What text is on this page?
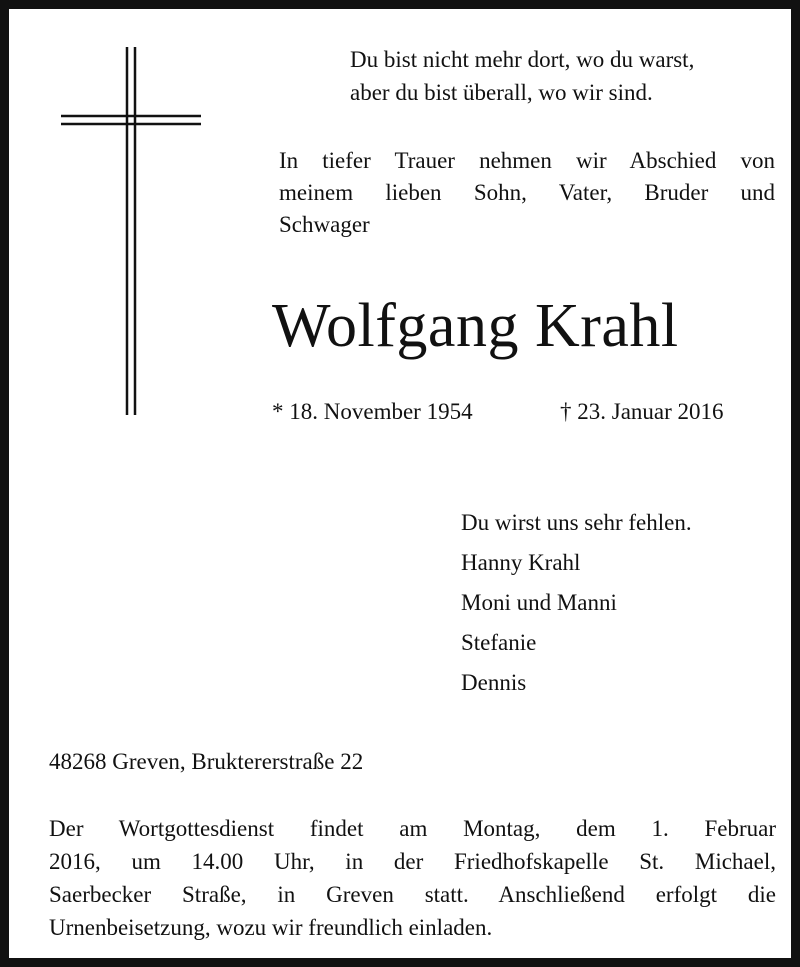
Du bist nicht mehr dort, wo du warst,
aber du bist überall, wo wir sind.
In tiefer Trauer nehmen wir Abschied von
meinem lieben Sohn, Vater, Bruder und
Schwager
Wolfgang Krahl
* 18. November 1954	† 23. Januar 2016
Du wirst uns sehr fehlen.
Hanny Krahl
Moni und Manni
Stefanie
Dennis
48268 Greven, Bruktererstraße 22
Der Wortgottesdienst findet am Montag, dem 1. Februar
2016, um 14.00 Uhr, in der Friedhofskapelle St. Michael,
Saerbecker Straße, in Greven statt. Anschließend erfolgt die
Urnenbeisetzung, wozu wir freundlich einladen.
